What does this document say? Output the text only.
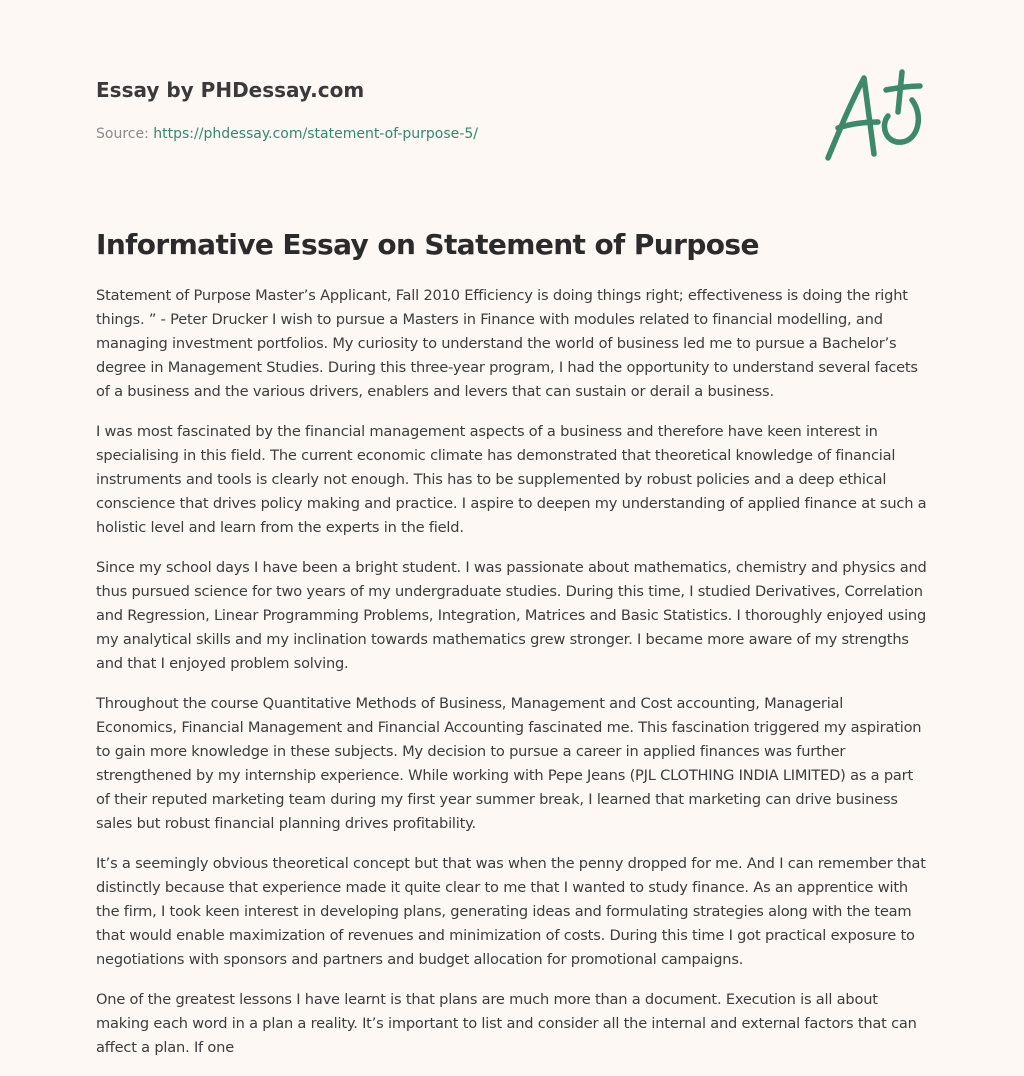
Essay by PHDessay.com
Source: https://phdessay.com/statement-of-purpose-5/
Informative Essay on Statement of Purpose

Statement of Purpose Master’s Applicant, Fall 2010 Efficiency is doing things right; effectiveness is doing the right things. ” - Peter Drucker I wish to pursue a Masters in Finance with modules related to financial modelling, and managing investment portfolios. My curiosity to understand the world of business led me to pursue a Bachelor’s degree in Management Studies. During this three-year program, I had the opportunity to understand several facets of a business and the various drivers, enablers and levers that can sustain or derail a business.

I was most fascinated by the financial management aspects of a business and therefore have keen interest in specialising in this field. The current economic climate has demonstrated that theoretical knowledge of financial instruments and tools is clearly not enough. This has to be supplemented by robust policies and a deep ethical conscience that drives policy making and practice. I aspire to deepen my understanding of applied finance at such a holistic level and learn from the experts in the field.

Since my school days I have been a bright student. I was passionate about mathematics, chemistry and physics and thus pursued science for two years of my undergraduate studies. During this time, I studied Derivatives, Correlation and Regression, Linear Programming Problems, Integration, Matrices and Basic Statistics. I thoroughly enjoyed using my analytical skills and my inclination towards mathematics grew stronger. I became more aware of my strengths and that I enjoyed problem solving.

Throughout the course Quantitative Methods of Business, Management and Cost accounting, Managerial Economics, Financial Management and Financial Accounting fascinated me. This fascination triggered my aspiration to gain more knowledge in these subjects. My decision to pursue a career in applied finances was further strengthened by my internship experience. While working with Pepe Jeans (PJL CLOTHING INDIA LIMITED) as a part of their reputed marketing team during my first year summer break, I learned that marketing can drive business sales but robust financial planning drives profitability.

It’s a seemingly obvious theoretical concept but that was when the penny dropped for me. And I can remember that distinctly because that experience made it quite clear to me that I wanted to study finance. As an apprentice with the firm, I took keen interest in developing plans, generating ideas and formulating strategies along with the team that would enable maximization of revenues and minimization of costs. During this time I got practical exposure to negotiations with sponsors and partners and budget allocation for promotional campaigns.

One of the greatest lessons I have learnt is that plans are much more than a document. Execution is all about making each word in a plan a reality. It’s important to list and consider all the internal and external factors that can affect a plan. If one
